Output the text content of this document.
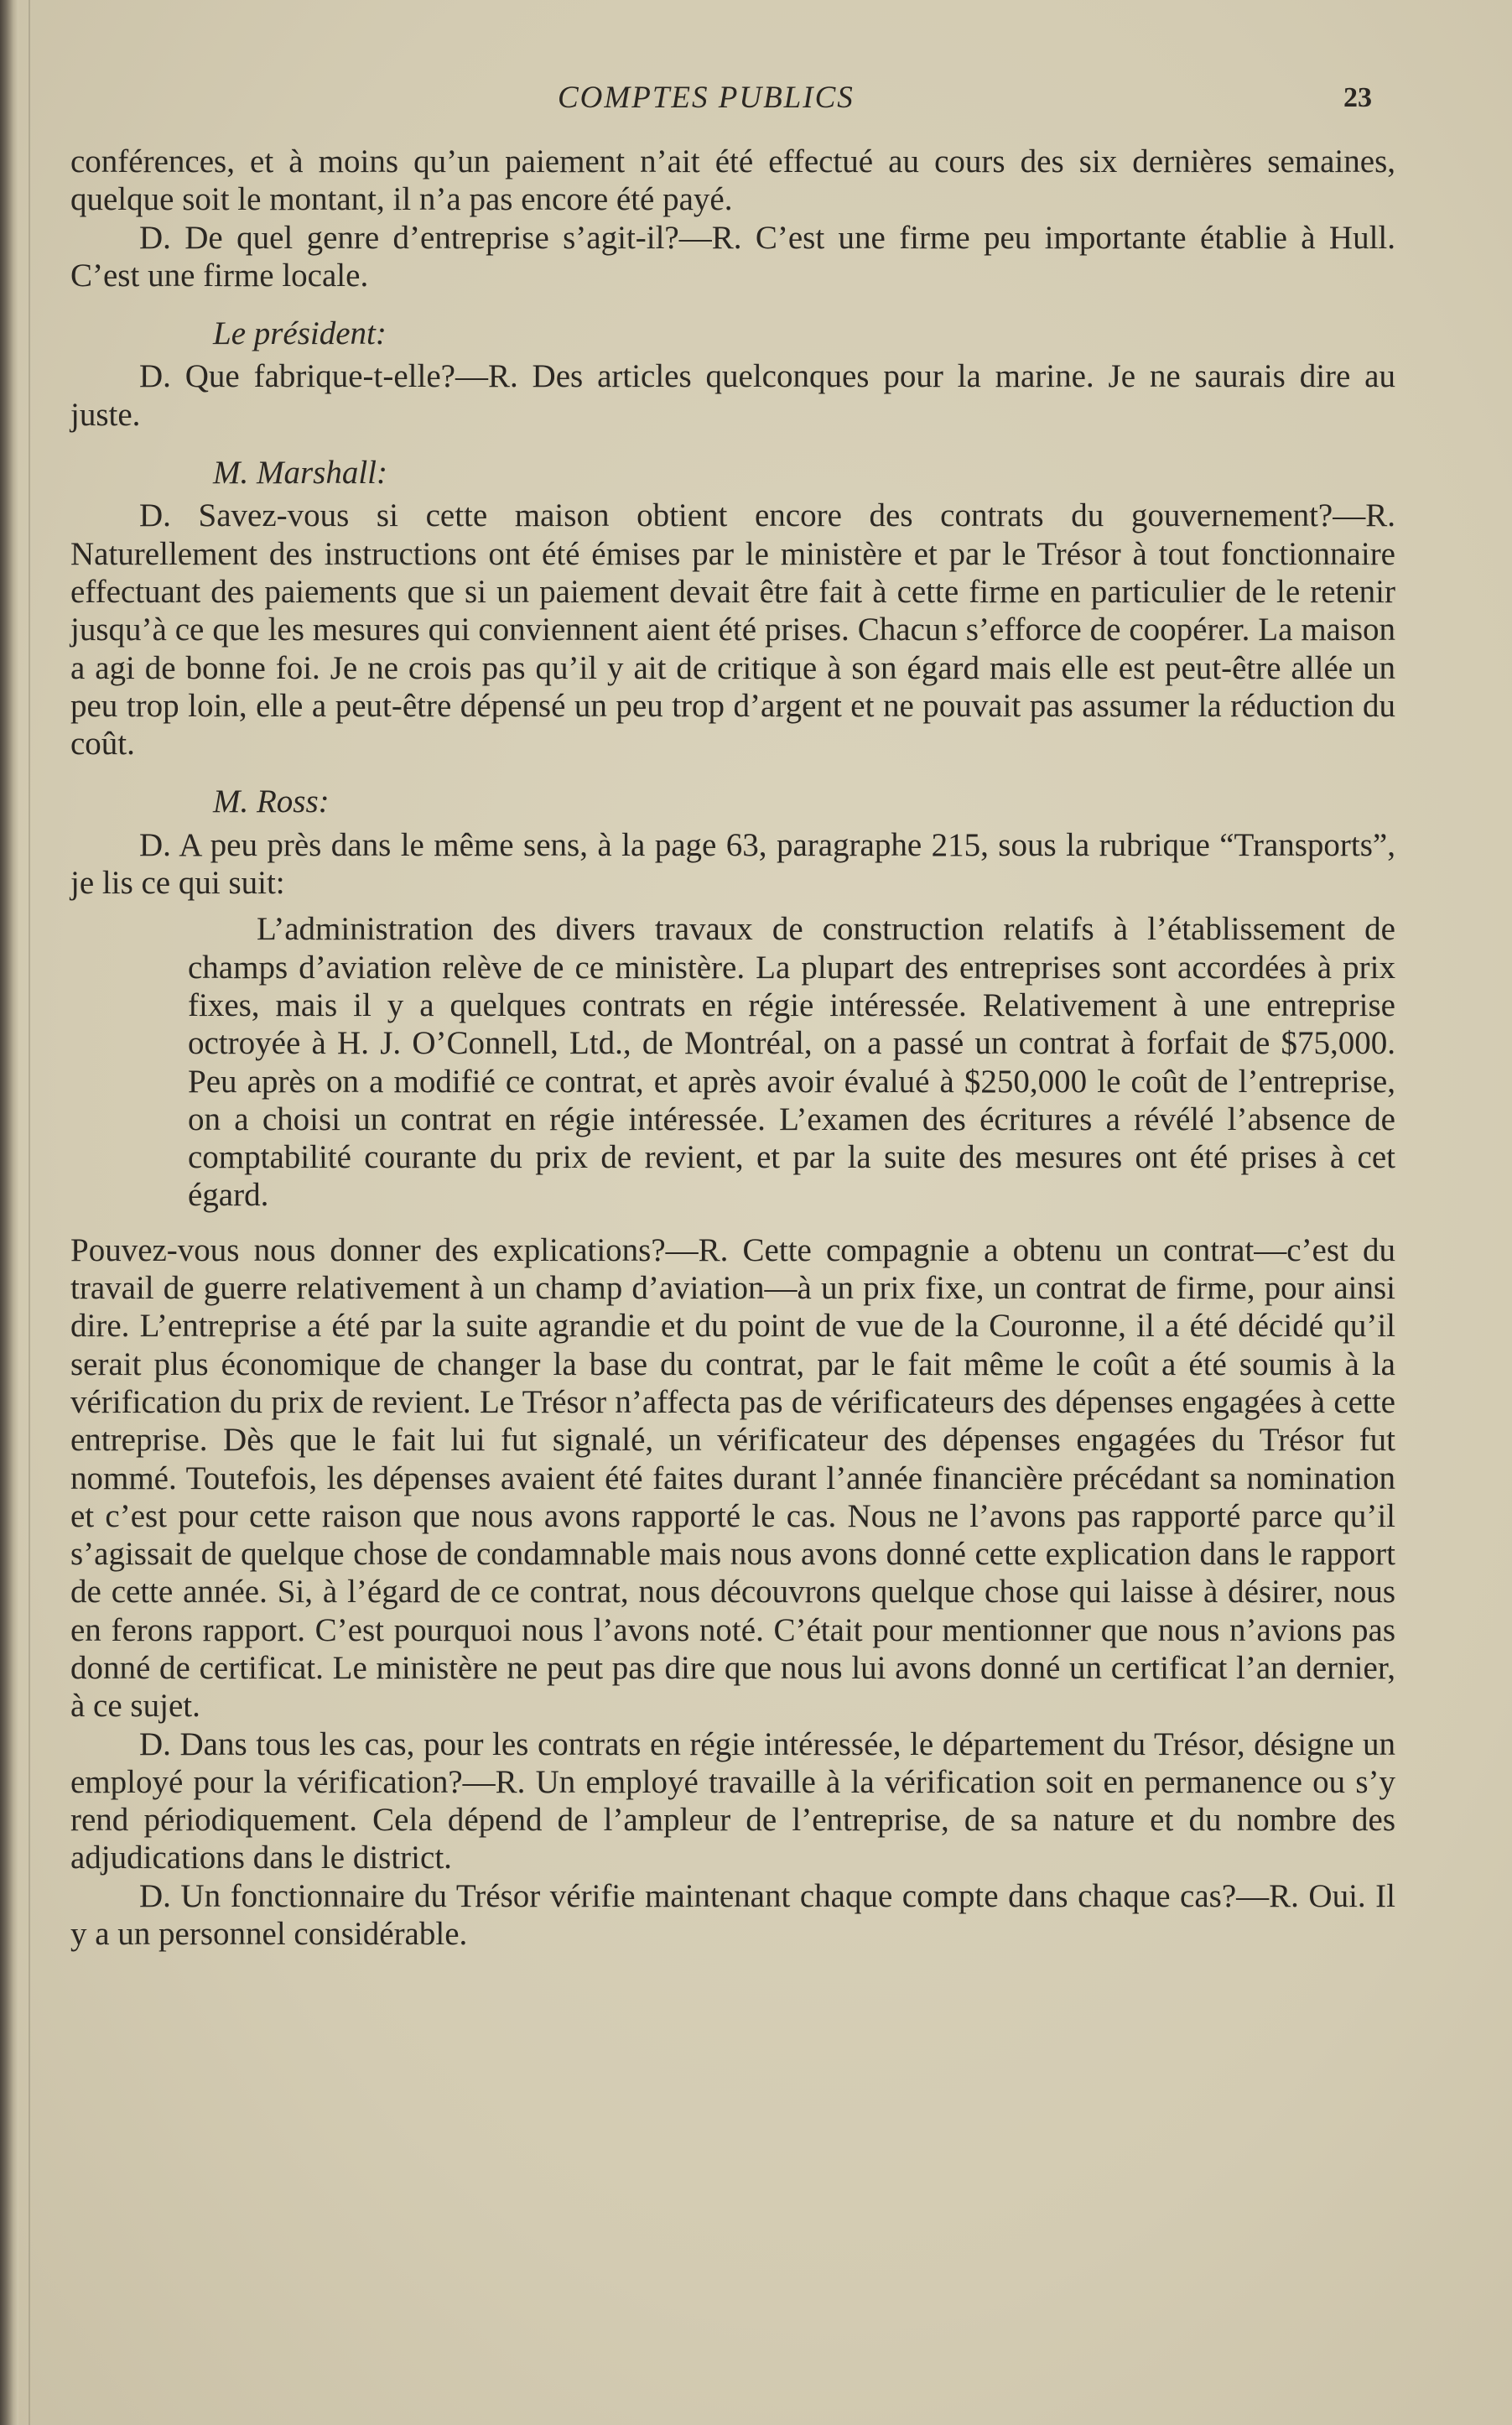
COMPTES PUBLICS	23

conférences, et à moins qu’un paiement n’ait été effectué au cours des six dernières semaines, quelque soit le montant, il n’a pas encore été payé.

D. De quel genre d’entreprise s’agit-il?—R. C’est une firme peu importante établie à Hull. C’est une firme locale.

Le président:

D. Que fabrique-t-elle?—R. Des articles quelconques pour la marine. Je ne saurais dire au juste.

M. Marshall:

D. Savez-vous si cette maison obtient encore des contrats du gouvernement?—R. Naturellement des instructions ont été émises par le ministère et par le Trésor à tout fonctionnaire effectuant des paiements que si un paiement devait être fait à cette firme en particulier de le retenir jusqu’à ce que les mesures qui conviennent aient été prises. Chacun s’efforce de coopérer. La maison a agi de bonne foi. Je ne crois pas qu’il y ait de critique à son égard mais elle est peut-être allée un peu trop loin, elle a peut-être dépensé un peu trop d’argent et ne pouvait pas assumer la réduction du coût.

M. Ross:

D. A peu près dans le même sens, à la page 63, paragraphe 215, sous la rubrique “Transports”, je lis ce qui suit:

L’administration des divers travaux de construction relatifs à l’établissement de champs d’aviation relève de ce ministère. La plupart des entreprises sont accordées à prix fixes, mais il y a quelques contrats en régie intéressée. Relativement à une entreprise octroyée à H. J. O’Connell, Ltd., de Montréal, on a passé un contrat à forfait de $75,000. Peu après on a modifié ce contrat, et après avoir évalué à $250,000 le coût de l’entreprise, on a choisi un contrat en régie intéressée. L’examen des écritures a révélé l’absence de comptabilité courante du prix de revient, et par la suite des mesures ont été prises à cet égard.

Pouvez-vous nous donner des explications?—R. Cette compagnie a obtenu un contrat—c’est du travail de guerre relativement à un champ d’aviation—à un prix fixe, un contrat de firme, pour ainsi dire. L’entreprise a été par la suite agrandie et du point de vue de la Couronne, il a été décidé qu’il serait plus économique de changer la base du contrat, par le fait même le coût a été soumis à la vérification du prix de revient. Le Trésor n’affecta pas de vérificateurs des dépenses engagées à cette entreprise. Dès que le fait lui fut signalé, un vérificateur des dépenses engagées du Trésor fut nommé. Toutefois, les dépenses avaient été faites durant l’année financière précédant sa nomination et c’est pour cette raison que nous avons rapporté le cas. Nous ne l’avons pas rapporté parce qu’il s’agissait de quelque chose de condamnable mais nous avons donné cette explication dans le rapport de cette année. Si, à l’égard de ce contrat, nous découvrons quelque chose qui laisse à désirer, nous en ferons rapport. C’est pourquoi nous l’avons noté. C’était pour mentionner que nous n’avions pas donné de certificat. Le ministère ne peut pas dire que nous lui avons donné un certificat l’an dernier, à ce sujet.

D. Dans tous les cas, pour les contrats en régie intéressée, le département du Trésor, désigne un employé pour la vérification?—R. Un employé travaille à la vérification soit en permanence ou s’y rend périodiquement. Cela dépend de l’ampleur de l’entreprise, de sa nature et du nombre des adjudications dans le district.

D. Un fonctionnaire du Trésor vérifie maintenant chaque compte dans chaque cas?—R. Oui. Il y a un personnel considérable.
